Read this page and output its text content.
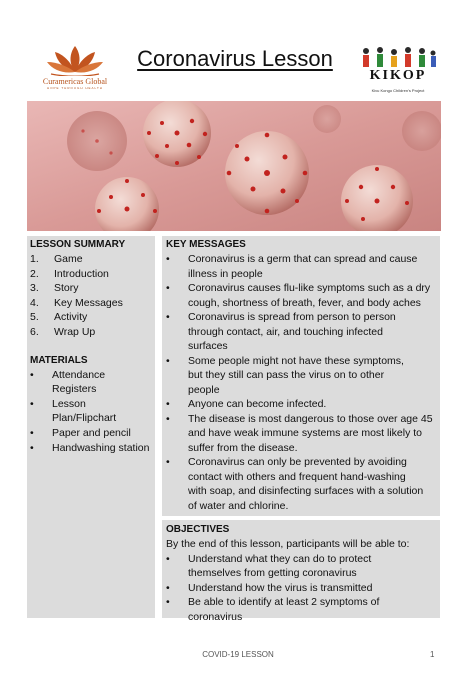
Curamericas Global
HOPE THROUGH HEALTH
Coronavirus Lesson
KIKOP
Kivu Kongo Children's Project
LESSON SUMMARY
1.	Game
2.	Introduction
3.	Story
4.	Key Messages
5.	Activity
6.	Wrap Up
MATERIALS
•	Attendance
Registers
•	Lesson
Plan/Flipchart
•	Paper and pencil
•	Handwashing station
KEY MESSAGES
•	Coronavirus is a germ that can spread and cause
illness in people
•	Coronavirus causes flu-like symptoms such as a dry
cough, shortness of breath, fever, and body aches
•	Coronavirus is spread from person to person
through contact, air, and touching infected
surfaces
•	Some people might not have these symptoms,
but they still can pass the virus on to other
people
•	Anyone can become infected.
•	The disease is most dangerous to those over age 45
and have weak immune systems are most likely to
suffer from the disease.
•	Coronavirus can only be prevented by avoiding
contact with others and frequent hand-washing
with soap, and disinfecting surfaces with a solution
of water and chlorine.
OBJECTIVES
By the end of this lesson, participants will be able to:
•	Understand what they can do to protect
themselves from getting coronavirus
•	Understand how the virus is transmitted
•	Be able to identify at least 2 symptoms of
coronavirus
COVID-19 LESSON	1
